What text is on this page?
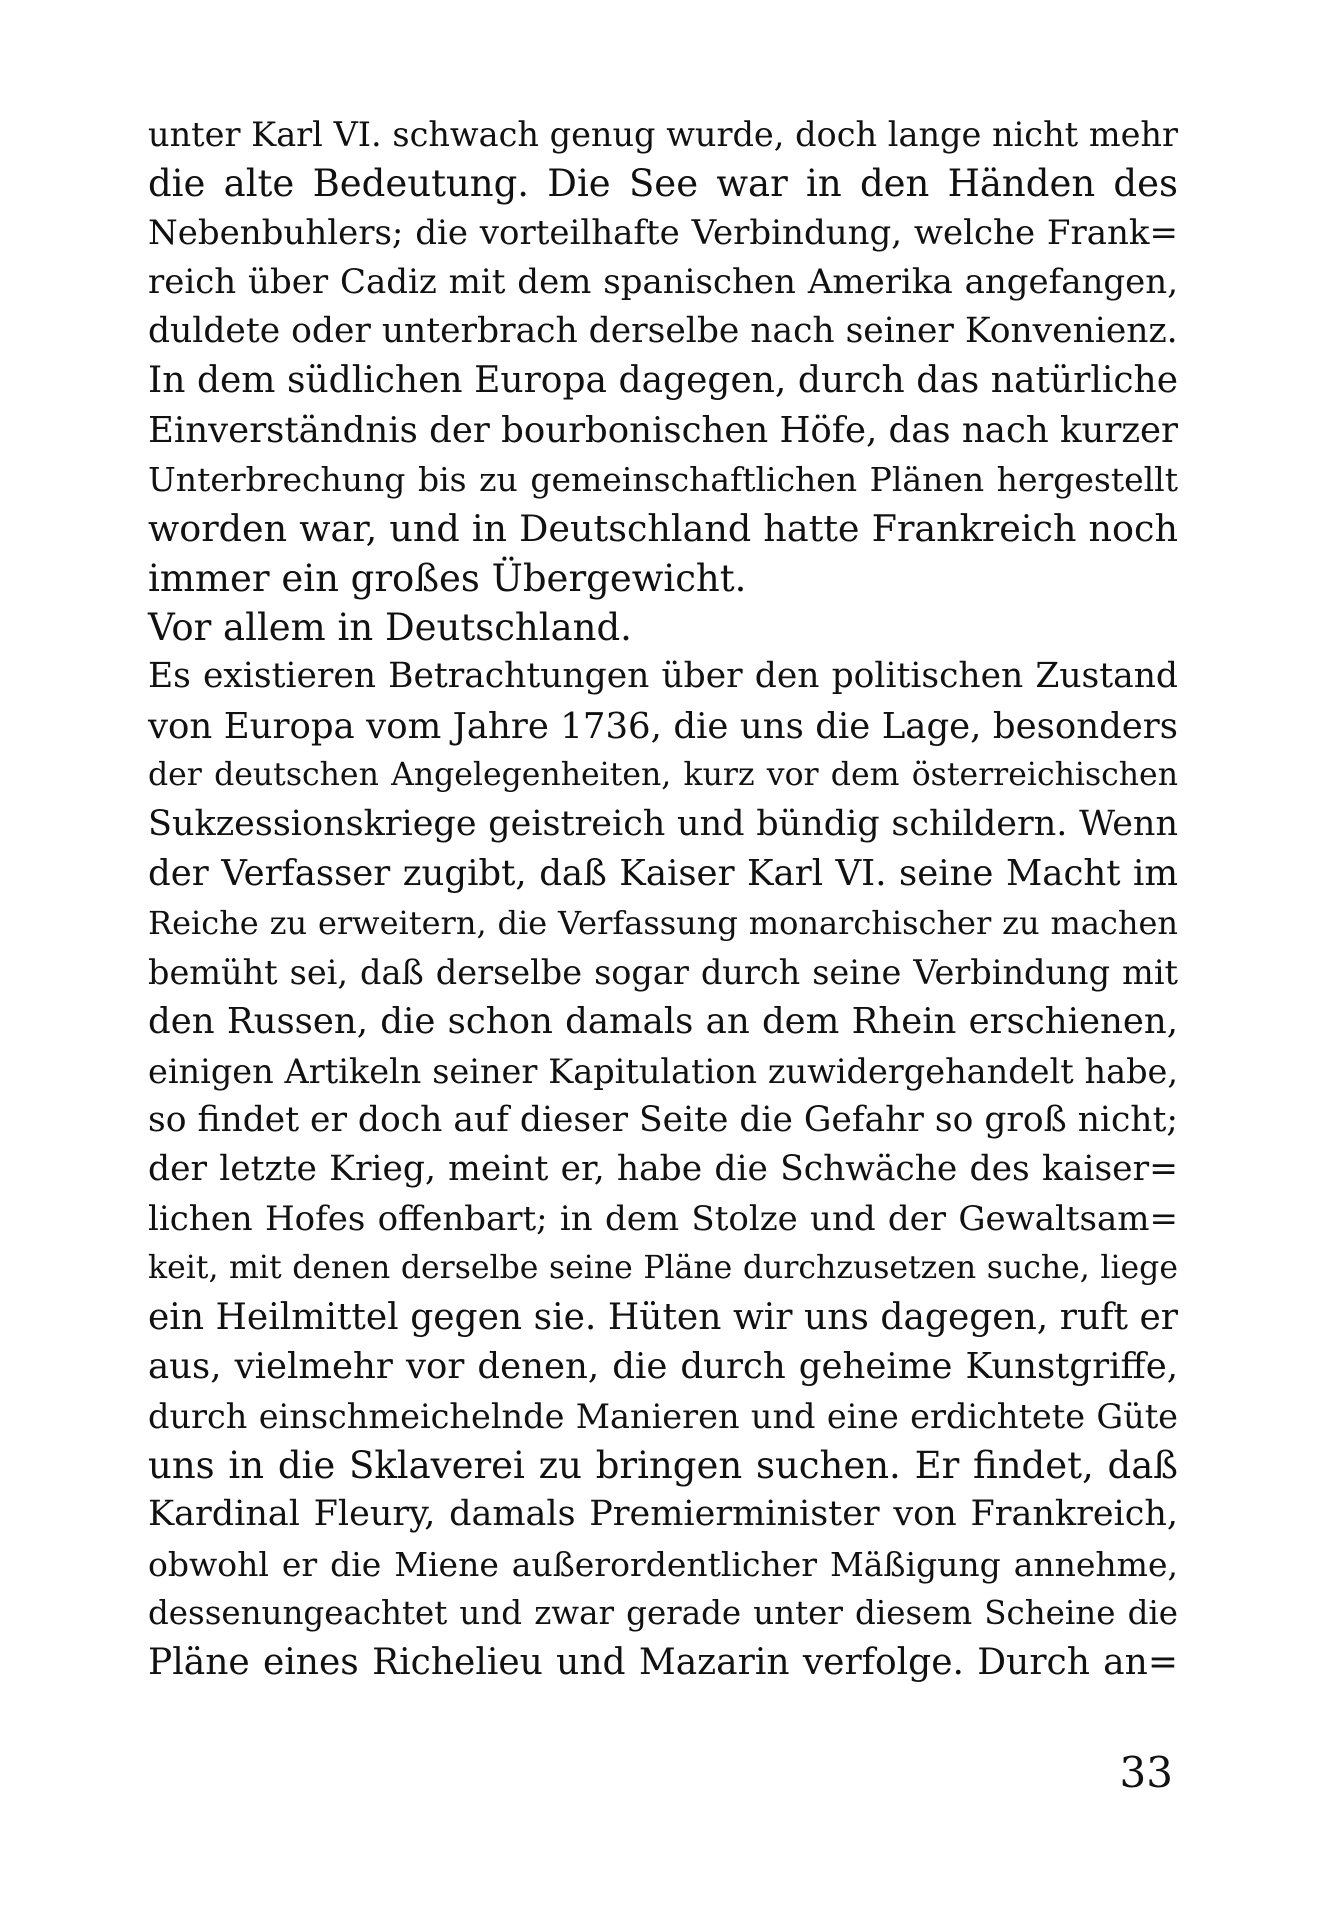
unter Karl VI. schwach genug wurde, doch lange nicht mehr
die alte Bedeutung. Die See war in den Händen des
Nebenbuhlers; die vorteilhafte Verbindung, welche Frank=
reich über Cadiz mit dem spanischen Amerika angefangen,
duldete oder unterbrach derselbe nach seiner Konvenienz.
In dem südlichen Europa dagegen, durch das natürliche
Einverständnis der bourbonischen Höfe, das nach kurzer
Unterbrechung bis zu gemeinschaftlichen Plänen hergestellt
worden war, und in Deutschland hatte Frankreich noch
immer ein großes Übergewicht.
Vor allem in Deutschland.
Es existieren Betrachtungen über den politischen Zustand
von Europa vom Jahre 1736, die uns die Lage, besonders
der deutschen Angelegenheiten, kurz vor dem österreichischen
Sukzessionskriege geistreich und bündig schildern. Wenn
der Verfasser zugibt, daß Kaiser Karl VI. seine Macht im
Reiche zu erweitern, die Verfassung monarchischer zu machen
bemüht sei, daß derselbe sogar durch seine Verbindung mit
den Russen, die schon damals an dem Rhein erschienen,
einigen Artikeln seiner Kapitulation zuwidergehandelt habe,
so findet er doch auf dieser Seite die Gefahr so groß nicht;
der letzte Krieg, meint er, habe die Schwäche des kaiser=
lichen Hofes offenbart; in dem Stolze und der Gewaltsam=
keit, mit denen derselbe seine Pläne durchzusetzen suche, liege
ein Heilmittel gegen sie. Hüten wir uns dagegen, ruft er
aus, vielmehr vor denen, die durch geheime Kunstgriffe,
durch einschmeichelnde Manieren und eine erdichtete Güte
uns in die Sklaverei zu bringen suchen. Er findet, daß
Kardinal Fleury, damals Premierminister von Frankreich,
obwohl er die Miene außerordentlicher Mäßigung annehme,
dessenungeachtet und zwar gerade unter diesem Scheine die
Pläne eines Richelieu und Mazarin verfolge. Durch an=
33
